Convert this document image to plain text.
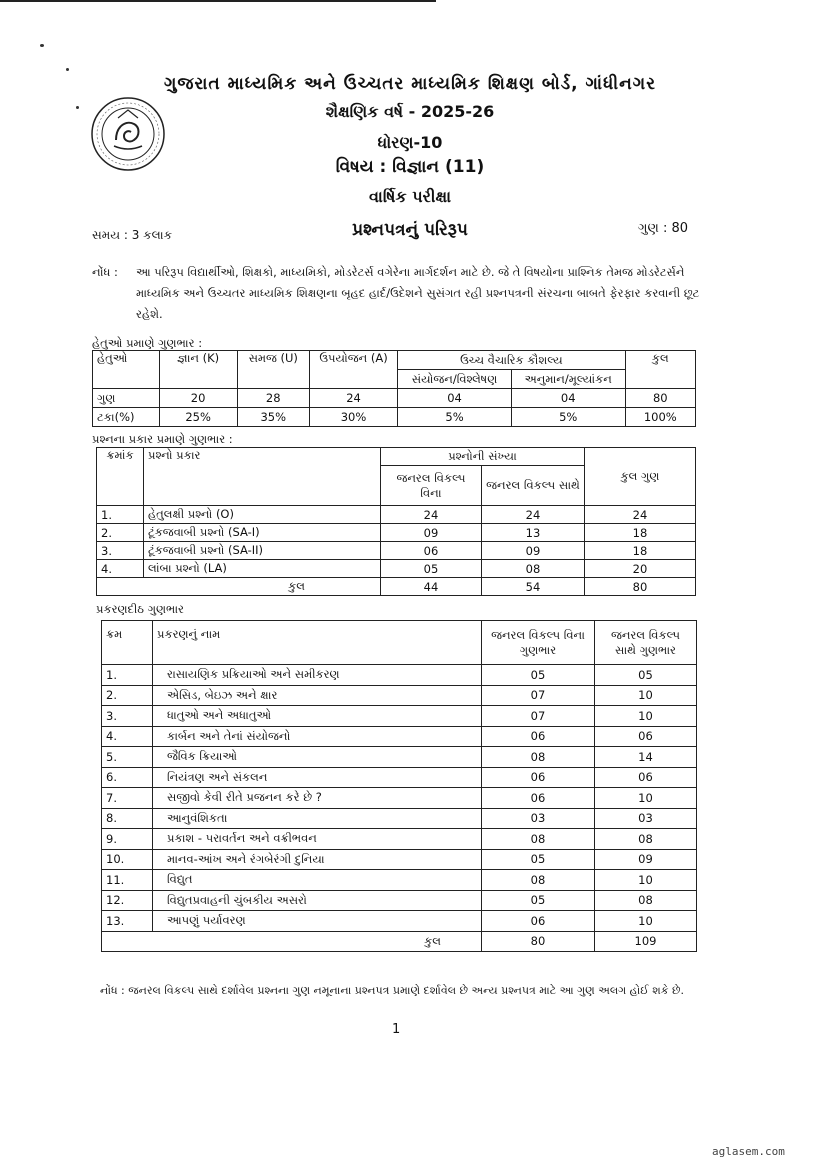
ગુજરાત માધ્યમિક અને ઉચ્ચતર માધ્યમિક શિક્ષણ બોર્ડ, ગાંધીનગર
શૈક્ષણિક વર્ષ - 2025-26
ધોરણ-10
વિષય : વિજ્ઞાન (11)
વાર્ષિક પરીક્ષા
પ્રશ્નપત્રનું પરિરૂપ
સમય : 3 કલાક	ગુણ : 80
નોંધ :	આ પરિરૂપ વિદ્યાર્થીઓ, શિક્ષકો, માધ્યમિકો, મોડરેટર્સ વગેરેના માર્ગદર્શન માટે છે. જે તે વિષયોના પ્રાશ્નિક તેમજ મોડરેટર્સને માધ્યમિક અને ઉચ્ચતર માધ્યમિક શિક્ષણના બૃહદ હાર્દ/ઉદેશને સુસંગત રહી પ્રશ્નપત્રની સંરચના બાબતે ફેરફાર કરવાની છૂટ રહેશે.
હેતુઓ પ્રમાણે ગુણભાર :
હેતુઓ	જ્ઞાન (K)	સમજ (U)	ઉપયોજન (A)	ઉચ્ચ વૈચારિક કૌશલ્ય		કુલ
				સંયોજન/વિશ્લેષણ	અનુમાન/મૂલ્યાંકન	
ગુણ	20	28	24	04	04	80
ટકા(%)	25%	35%	30%	5%	5%	100%
પ્રશ્નના પ્રકાર પ્રમાણે ગુણભાર :
ક્રમાંક	પ્રશ્નો પ્રકાર	પ્રશ્નોની સંખ્યા		કુલ ગુણ
		જનરલ વિકલ્પ વિના	જનરલ વિકલ્પ સાથે	
1.	હેતુલક્ષી પ્રશ્નો (O)	24	24	24
2.	ટૂંકજવાબી પ્રશ્નો (SA-I)	09	13	18
3.	ટૂંકજવાબી પ્રશ્નો (SA-II)	06	09	18
4.	લાંબા પ્રશ્નો (LA)	05	08	20
કુલ		44	54	80
પ્રકરણદીઠ ગુણભાર
ક્રમ	પ્રકરણનું નામ	જનરલ વિકલ્પ વિના ગુણભાર	જનરલ વિકલ્પ સાથે ગુણભાર
1.	રાસાયણિક પ્રક્રિયાઓ અને સમીકરણ	05	05
2.	એસિડ, બેઇઝ અને ક્ષાર	07	10
3.	ધાતુઓ અને અધાતુઓ	07	10
4.	કાર્બન અને તેનાં સંયોજનો	06	06
5.	જૈવિક ક્રિયાઓ	08	14
6.	નિયંત્રણ અને સંકલન	06	06
7.	સજીવો કેવી રીતે પ્રજનન કરે છે ?	06	10
8.	આનુવંશિકતા	03	03
9.	પ્રકાશ - પરાવર્તન અને વક્રીભવન	08	08
10.	માનવ-આંખ અને રંગબેરંગી દુનિયા	05	09
11.	વિદ્યુત	08	10
12.	વિદ્યુતપ્રવાહની ચુંબકીય અસરો	05	08
13.	આપણું પર્યાવરણ	06	10
કુલ		80	109
નોંધ : જનરલ વિકલ્પ સાથે દર્શાવેલ પ્રશ્નના ગુણ નમૂનાના પ્રશ્નપત્ર પ્રમાણે દર્શાવેલ છે અન્ય પ્રશ્નપત્ર માટે આ ગુણ અલગ હોઈ શકે છે.
1
aglasem.com
